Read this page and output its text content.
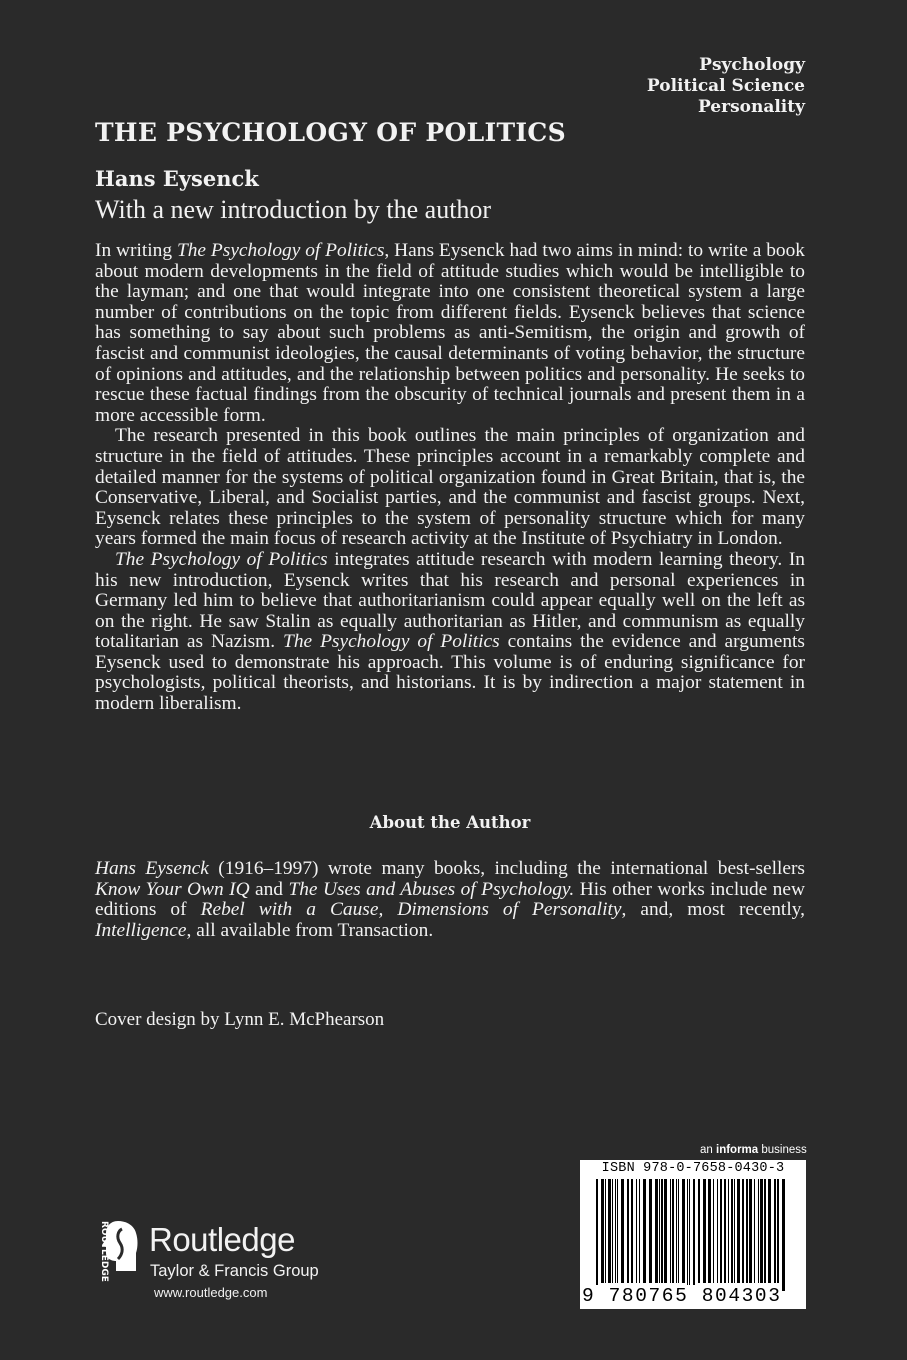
Psychology
Political Science
Personality
THE PSYCHOLOGY OF POLITICS
Hans Eysenck
With a new introduction by the author

In writing The Psychology of Politics, Hans Eysenck had two aims in mind: to write a book about modern developments in the field of attitude studies which would be intelligible to the layman; and one that would integrate into one consistent theoretical system a large number of contributions on the topic from different fields. Eysenck believes that science has something to say about such problems as anti-Semitism, the origin and growth of fascist and communist ideologies, the causal determinants of voting behavior, the structure of opinions and attitudes, and the relationship between politics and personality. He seeks to rescue these factual findings from the obscurity of technical journals and present them in a more accessible form.

The research presented in this book outlines the main principles of organization and structure in the field of attitudes. These principles account in a remarkably complete and detailed manner for the systems of political organization found in Great Britain, that is, the Conservative, Liberal, and Socialist parties, and the communist and fascist groups. Next, Eysenck relates these principles to the system of personality structure which for many years formed the main focus of research activity at the Institute of Psychiatry in London.

The Psychology of Politics integrates attitude research with modern learning theory. In his new introduction, Eysenck writes that his research and personal experiences in Germany led him to believe that authoritarianism could appear equally well on the left as on the right. He saw Stalin as equally authoritarian as Hitler, and communism as equally totalitarian as Nazism. The Psychology of Politics contains the evidence and arguments Eysenck used to demonstrate his approach. This volume is of enduring significance for psychologists, political theorists, and historians. It is by indirection a major statement in modern liberalism.

About the Author

Hans Eysenck (1916–1997) wrote many books, including the international best-sellers Know Your Own IQ and The Uses and Abuses of Psychology. His other works include new editions of Rebel with a Cause, Dimensions of Personality, and, most recently, Intelligence, all available from Transaction.

Cover design by Lynn E. McPhearson
ROUTLEDGE Routledge
Taylor & Francis Group
www.routledge.com
an informa business
ISBN 978-0-7658-0430-3
9 780765 804303
